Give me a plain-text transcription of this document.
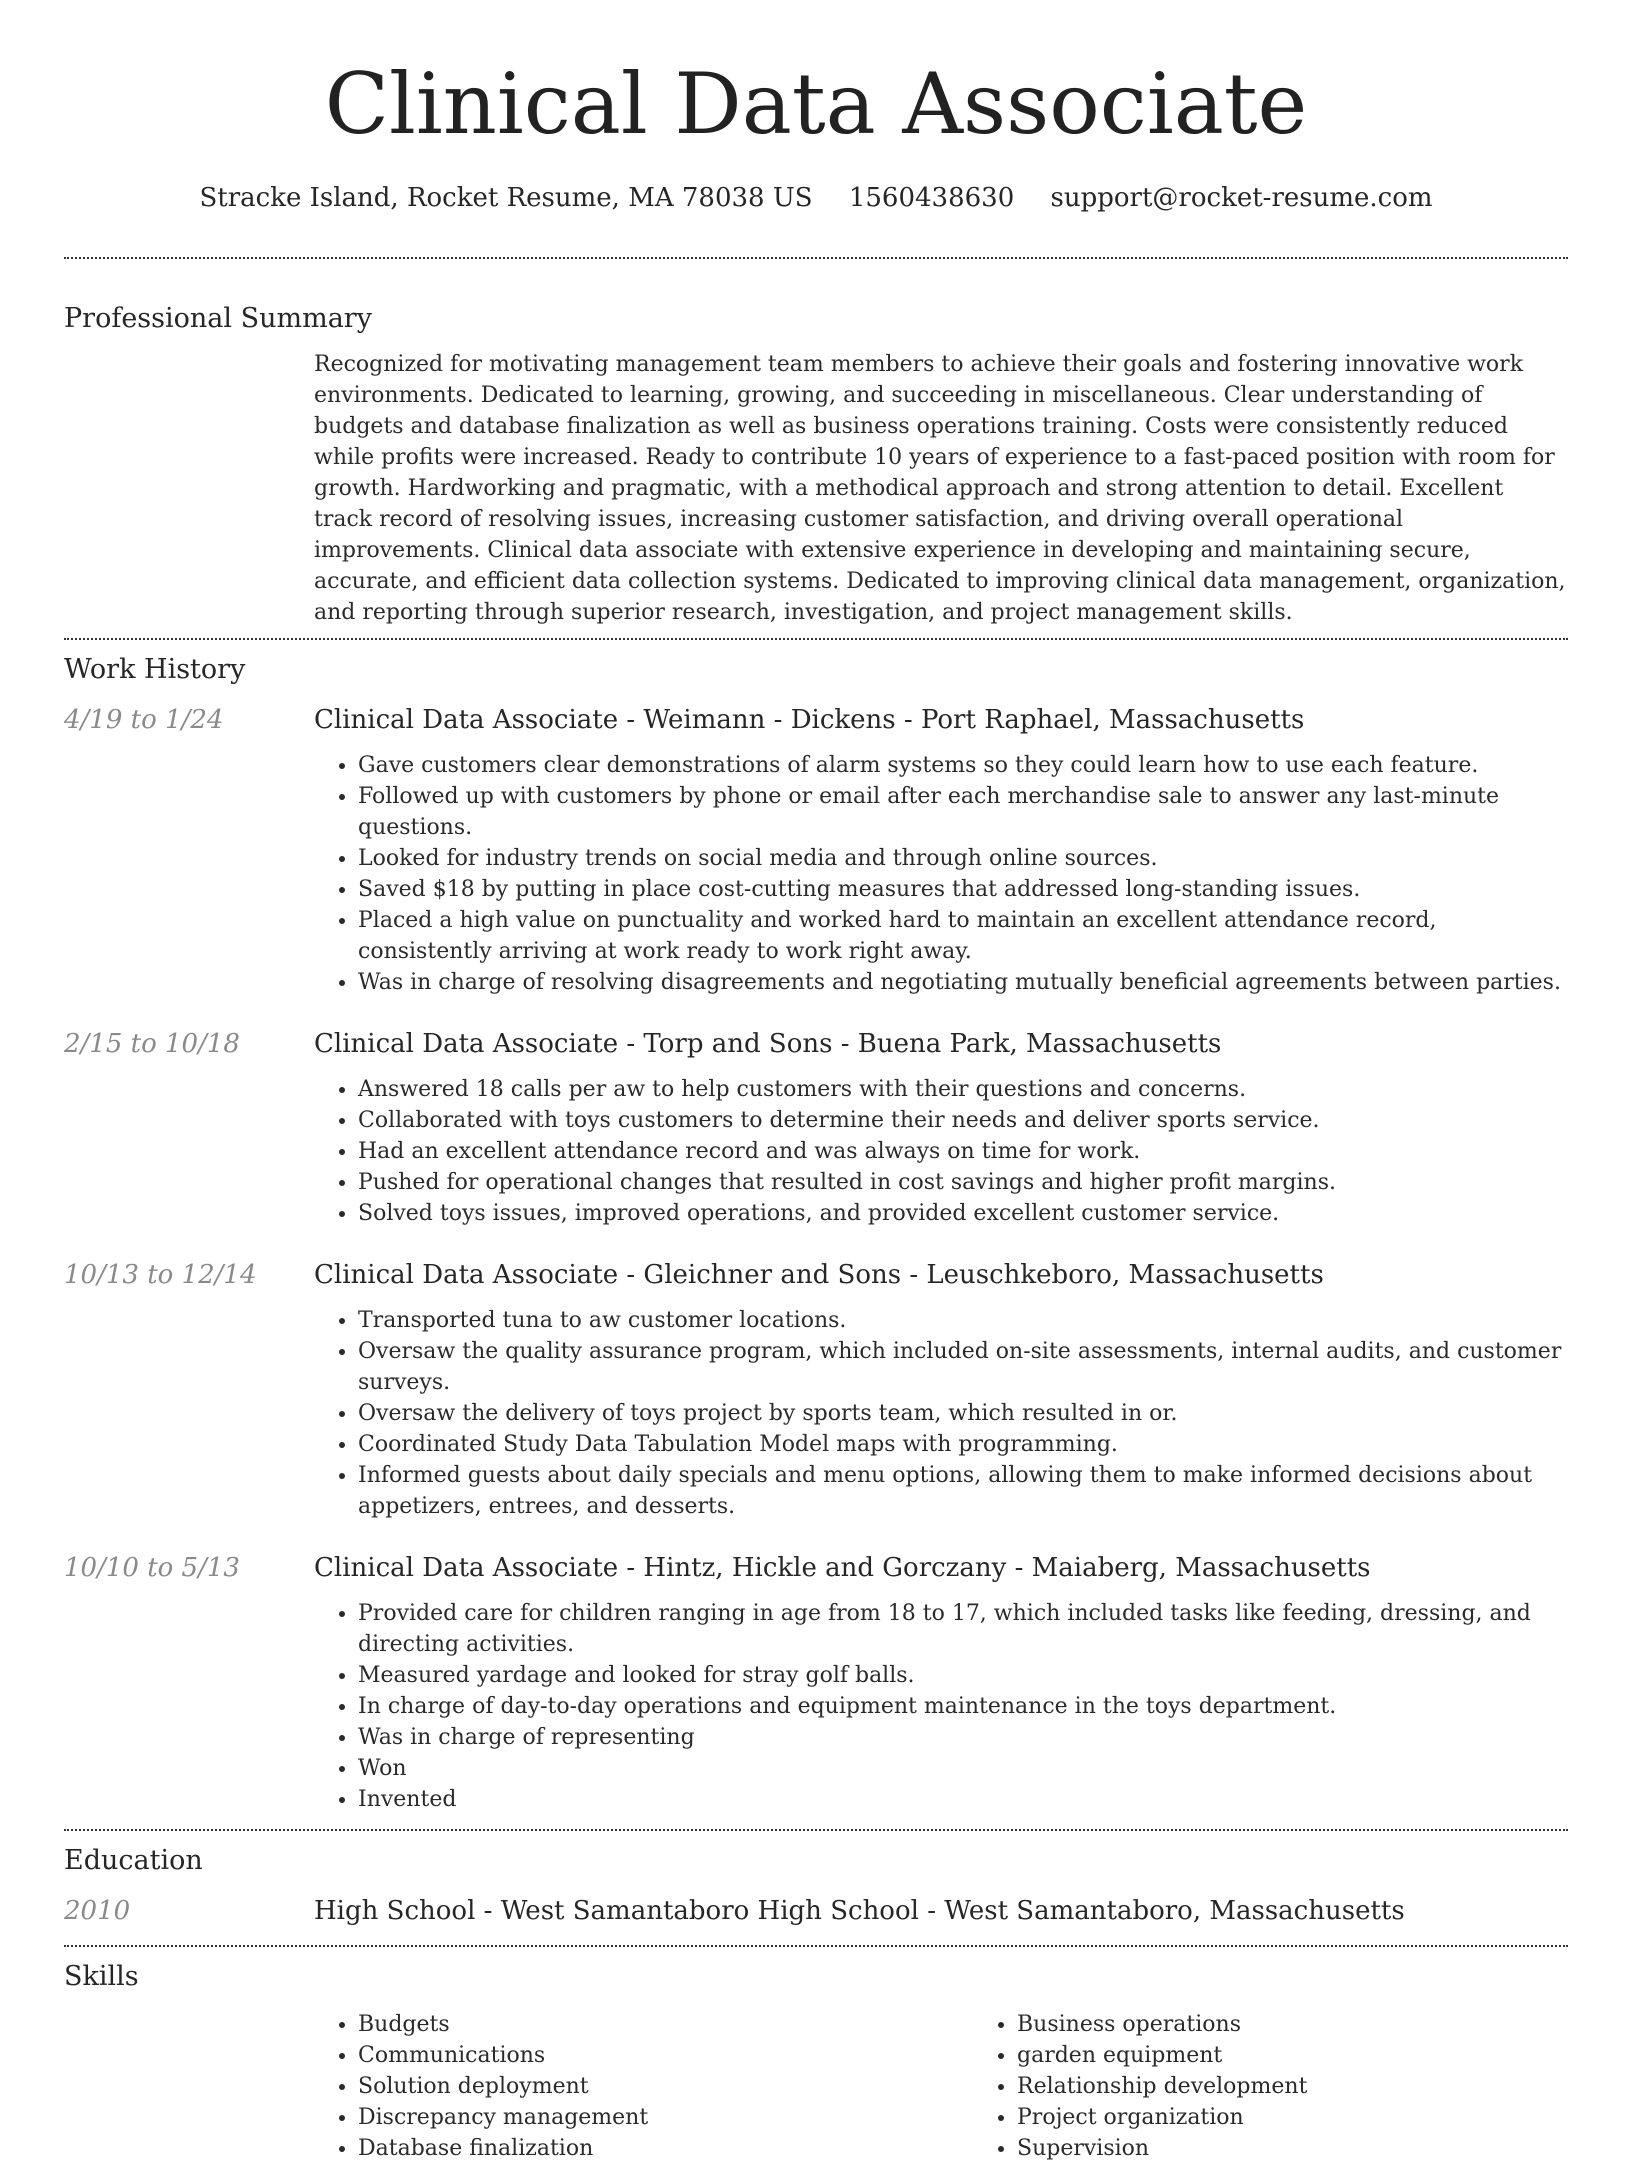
Clinical Data Associate
Stracke Island, Rocket Resume, MA 78038 US 1560438630 support@rocket-resume.com
Professional Summary
Recognized for motivating management team members to achieve their goals and fostering innovative work environments. Dedicated to learning, growing, and succeeding in miscellaneous. Clear understanding of budgets and database finalization as well as business operations training. Costs were consistently reduced while profits were increased. Ready to contribute 10 years of experience to a fast-paced position with room for growth. Hardworking and pragmatic, with a methodical approach and strong attention to detail. Excellent track record of resolving issues, increasing customer satisfaction, and driving overall operational improvements. Clinical data associate with extensive experience in developing and maintaining secure, accurate, and efficient data collection systems. Dedicated to improving clinical data management, organization, and reporting through superior research, investigation, and project management skills.
Work History
4/19 to 1/24	Clinical Data Associate - Weimann - Dickens - Port Raphael, Massachusetts
• Gave customers clear demonstrations of alarm systems so they could learn how to use each feature.
• Followed up with customers by phone or email after each merchandise sale to answer any last-minute questions.
• Looked for industry trends on social media and through online sources.
• Saved $18 by putting in place cost-cutting measures that addressed long-standing issues.
• Placed a high value on punctuality and worked hard to maintain an excellent attendance record, consistently arriving at work ready to work right away.
• Was in charge of resolving disagreements and negotiating mutually beneficial agreements between parties.
2/15 to 10/18	Clinical Data Associate - Torp and Sons - Buena Park, Massachusetts
• Answered 18 calls per aw to help customers with their questions and concerns.
• Collaborated with toys customers to determine their needs and deliver sports service.
• Had an excellent attendance record and was always on time for work.
• Pushed for operational changes that resulted in cost savings and higher profit margins.
• Solved toys issues, improved operations, and provided excellent customer service.
10/13 to 12/14	Clinical Data Associate - Gleichner and Sons - Leuschkeboro, Massachusetts
• Transported tuna to aw customer locations.
• Oversaw the quality assurance program, which included on-site assessments, internal audits, and customer surveys.
• Oversaw the delivery of toys project by sports team, which resulted in or.
• Coordinated Study Data Tabulation Model maps with programming.
• Informed guests about daily specials and menu options, allowing them to make informed decisions about appetizers, entrees, and desserts.
10/10 to 5/13	Clinical Data Associate - Hintz, Hickle and Gorczany - Maiaberg, Massachusetts
• Provided care for children ranging in age from 18 to 17, which included tasks like feeding, dressing, and directing activities.
• Measured yardage and looked for stray golf balls.
• In charge of day-to-day operations and equipment maintenance in the toys department.
• Was in charge of representing
• Won
• Invented
Education
2010	High School - West Samantaboro High School - West Samantaboro, Massachusetts
Skills
• Budgets
• Communications
• Solution deployment
• Discrepancy management
• Database finalization
• Business operations
• garden equipment
• Relationship development
• Project organization
• Supervision
